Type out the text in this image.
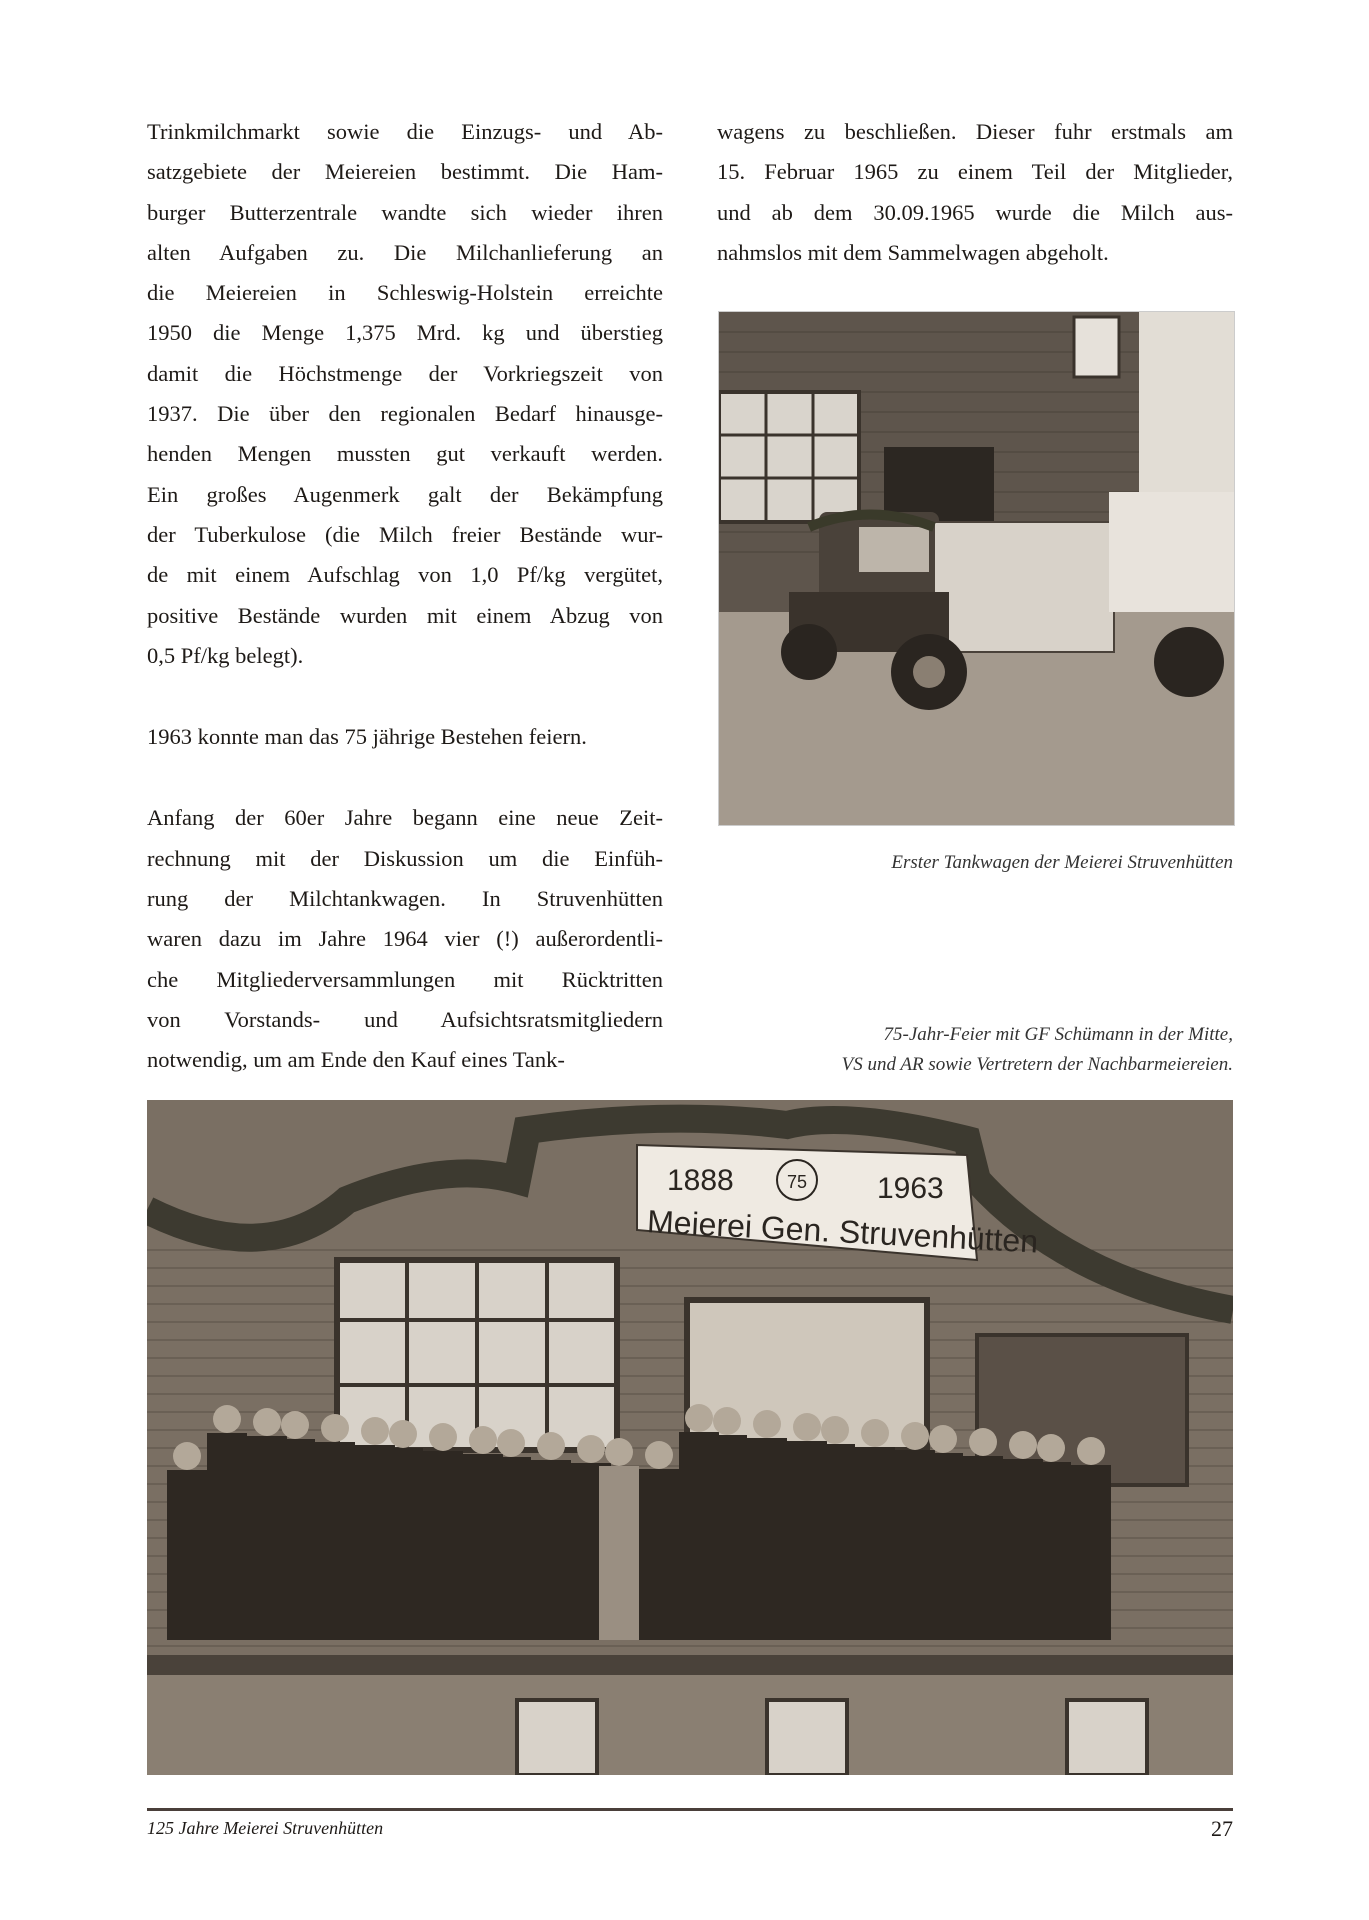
Trinkmilchmarkt sowie die Einzugs- und Ab-
satzgebiete der Meiereien bestimmt. Die Ham-
burger Butterzentrale wandte sich wieder ihren
alten Aufgaben zu. Die Milchanlieferung an
die Meiereien in Schleswig-Holstein erreichte
1950 die Menge 1,375 Mrd. kg und überstieg
damit die Höchstmenge der Vorkriegszeit von
1937. Die über den regionalen Bedarf hinausge-
henden Mengen mussten gut verkauft werden.
Ein großes Augenmerk galt der Bekämpfung
der Tuberkulose (die Milch freier Bestände wur-
de mit einem Aufschlag von 1,0 Pf/kg vergütet,
positive Bestände wurden mit einem Abzug von
0,5 Pf/kg belegt).
1963 konnte man das 75 jährige Bestehen feiern.
Anfang der 60er Jahre begann eine neue Zeit-
rechnung mit der Diskussion um die Einfüh-
rung der Milchtankwagen. In Struvenhütten
waren dazu im Jahre 1964 vier (!) außerordentli-
che Mitgliederversammlungen mit Rücktritten
von Vorstands- und Aufsichtsratsmitgliedern
notwendig, um am Ende den Kauf eines Tank-
wagens zu beschließen. Dieser fuhr erstmals am
15. Februar 1965 zu einem Teil der Mitglieder,
und ab dem 30.09.1965 wurde die Milch aus-
nahmslos mit dem Sammelwagen abgeholt.
Erster Tankwagen der Meierei Struvenhütten
75-Jahr-Feier mit GF Schümann in der Mitte,
VS und AR sowie Vertretern der Nachbarmeiereien.
1888	75 1963
Meierei Gen. Struvenhütten
125 Jahre Meierei Struvenhütten	27
